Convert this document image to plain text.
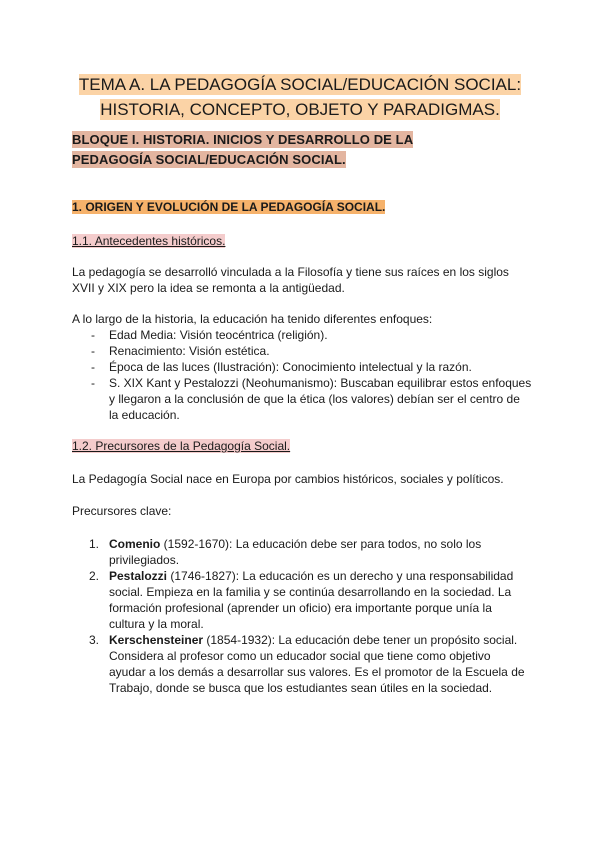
TEMA A. LA PEDAGOGÍA SOCIAL/EDUCACIÓN SOCIAL:
HISTORIA, CONCEPTO, OBJETO Y PARADIGMAS.
BLOQUE I. HISTORIA. INICIOS Y DESARROLLO DE LA
PEDAGOGÍA SOCIAL/EDUCACIÓN SOCIAL.
1. ORIGEN Y EVOLUCIÓN DE LA PEDAGOGÍA SOCIAL.
1.1. Antecedentes históricos.
La pedagogía se desarrolló vinculada a la Filosofía y tiene sus raíces en los siglos XVII y XIX pero la idea se remonta a la antigüedad.
A lo largo de la historia, la educación ha tenido diferentes enfoques:
- Edad Media: Visión teocéntrica (religión).
- Renacimiento: Visión estética.
- Época de las luces (Ilustración): Conocimiento intelectual y la razón.
- S. XIX Kant y Pestalozzi (Neohumanismo): Buscaban equilibrar estos enfoques y llegaron a la conclusión de que la ética (los valores) debían ser el centro de la educación.
1.2. Precursores de la Pedagogía Social.
La Pedagogía Social nace en Europa por cambios históricos, sociales y políticos.
Precursores clave:
1. Comenio (1592-1670): La educación debe ser para todos, no solo los privilegiados.
2. Pestalozzi (1746-1827): La educación es un derecho y una responsabilidad social. Empieza en la familia y se continúa desarrollando en la sociedad. La formación profesional (aprender un oficio) era importante porque unía la cultura y la moral.
3. Kerschensteiner (1854-1932): La educación debe tener un propósito social. Considera al profesor como un educador social que tiene como objetivo ayudar a los demás a desarrollar sus valores. Es el promotor de la Escuela de Trabajo, donde se busca que los estudiantes sean útiles en la sociedad.
